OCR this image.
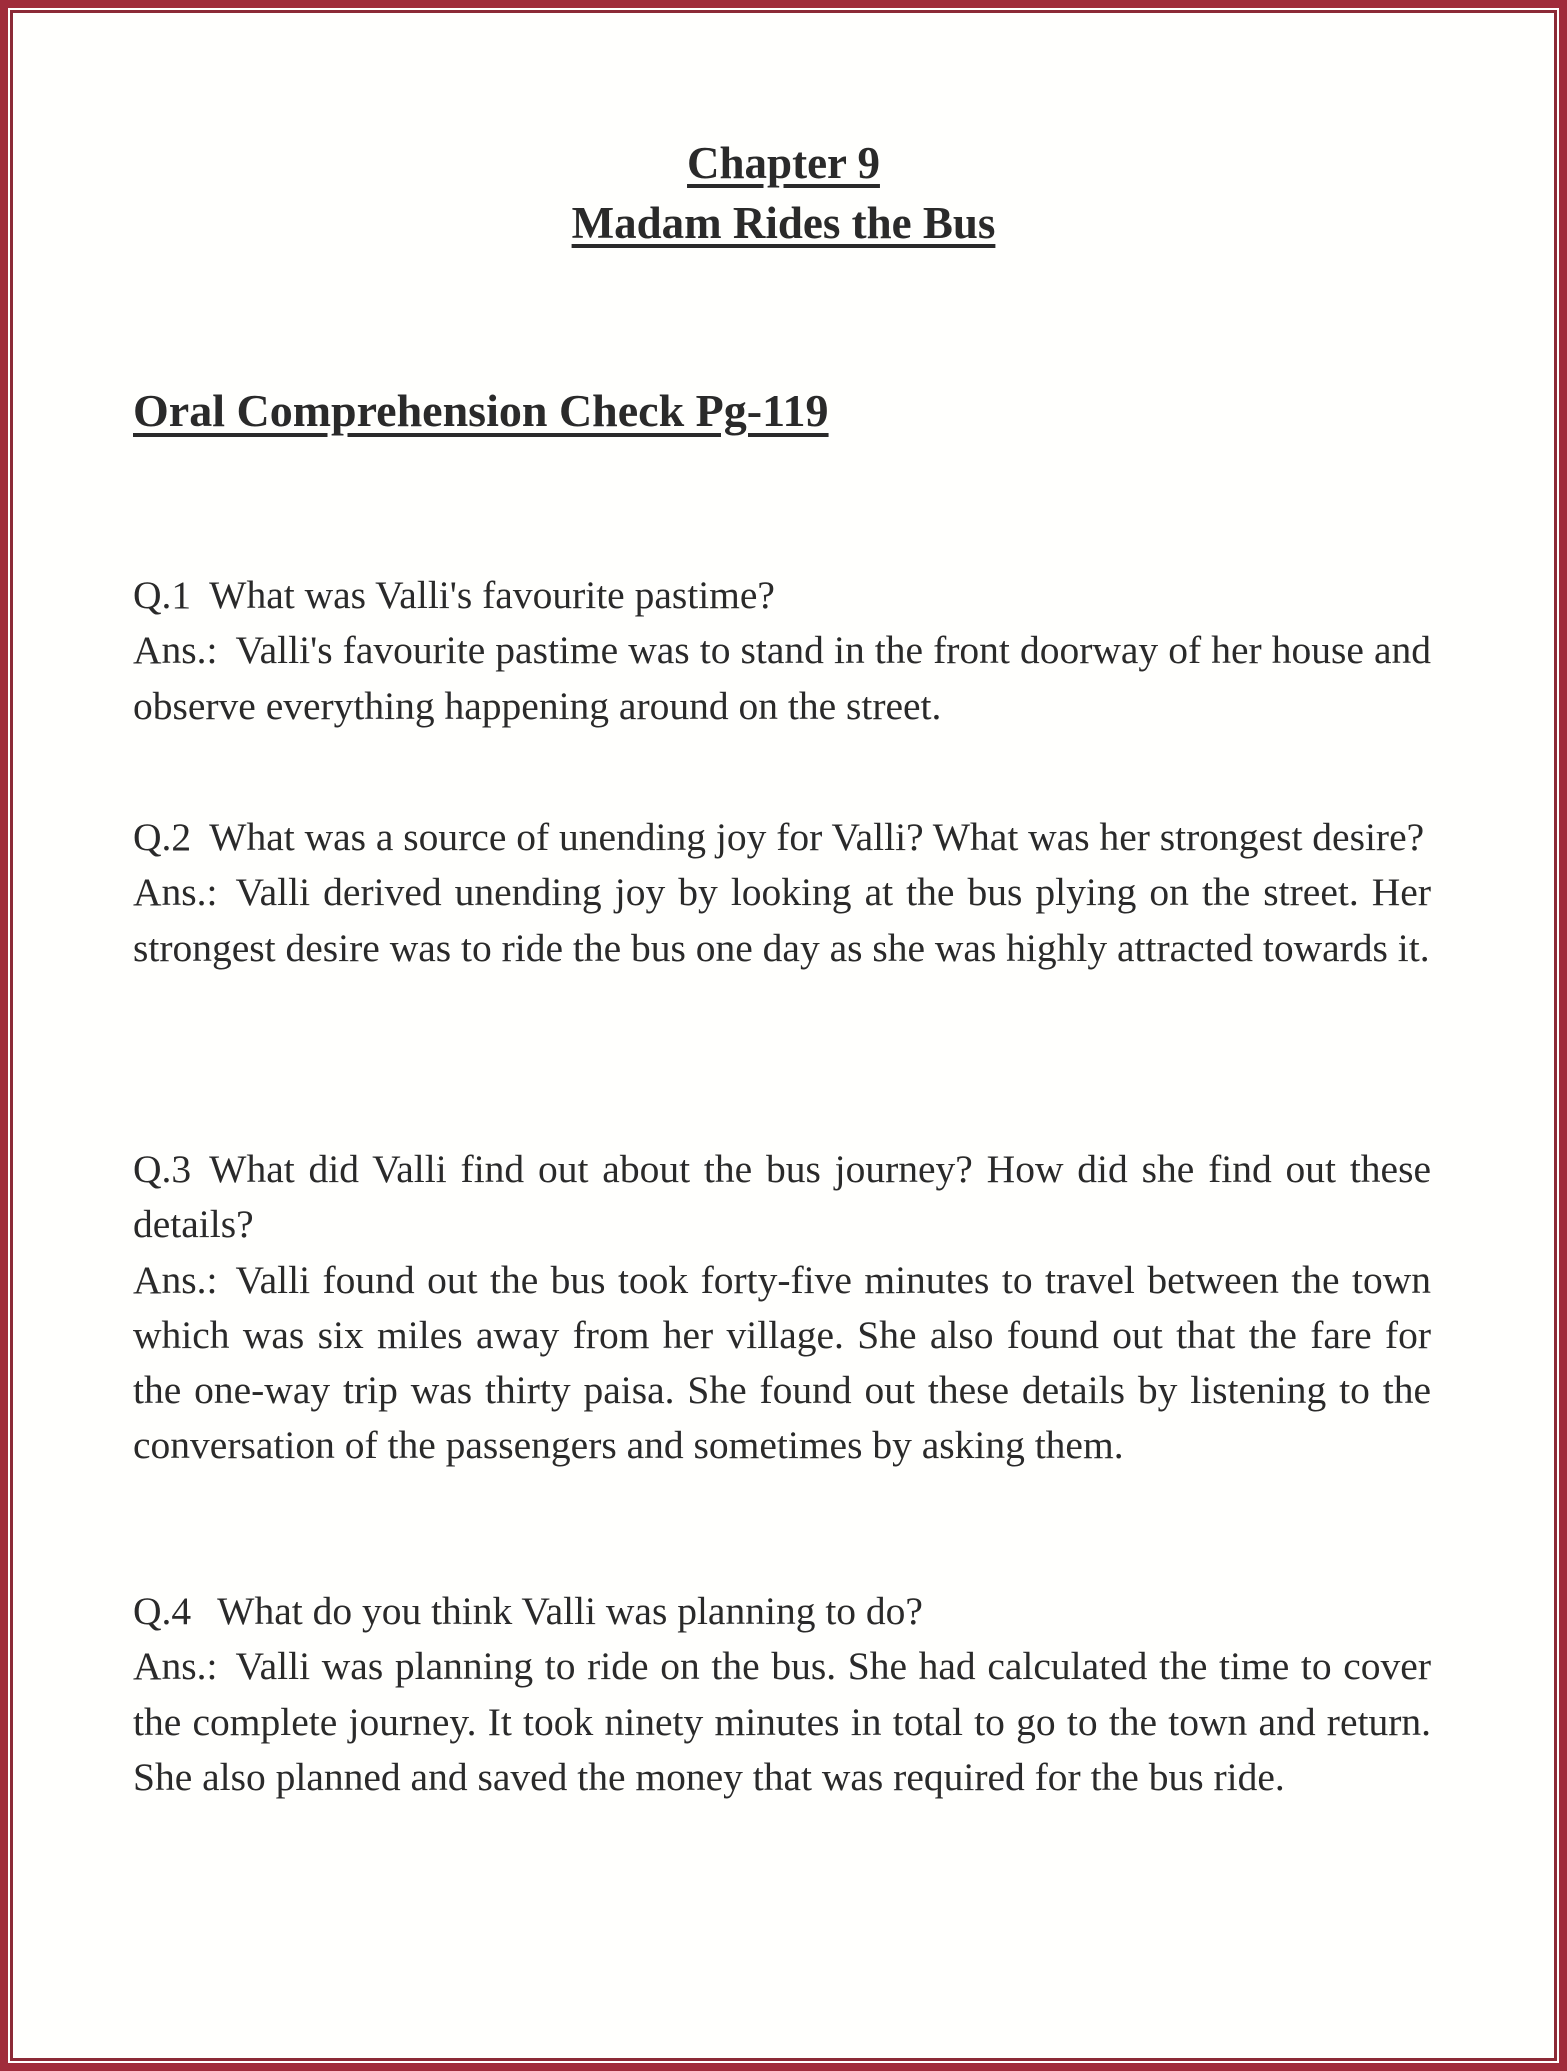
Chapter 9
Madam Rides the Bus
Oral Comprehension Check Pg-119

Q.1 What was Valli's favourite pastime?

Ans.: Valli's favourite pastime was to stand in the front doorway of her house and observe everything happening around on the street.

Q.2 What was a source of unending joy for Valli? What was her strongest desire?

Ans.: Valli derived unending joy by looking at the bus plying on the street. Her strongest desire was to ride the bus one day as she was highly attracted towards it.

Q.3 What did Valli find out about the bus journey? How did she find out these details?

Ans.: Valli found out the bus took forty-five minutes to travel between the town which was six miles away from her village. She also found out that the fare for the one-way trip was thirty paisa. She found out these details by listening to the conversation of the passengers and sometimes by asking them.

Q.4 What do you think Valli was planning to do?

Ans.: Valli was planning to ride on the bus. She had calculated the time to cover the complete journey. It took ninety minutes in total to go to the town and return. She also planned and saved the money that was required for the bus ride.
